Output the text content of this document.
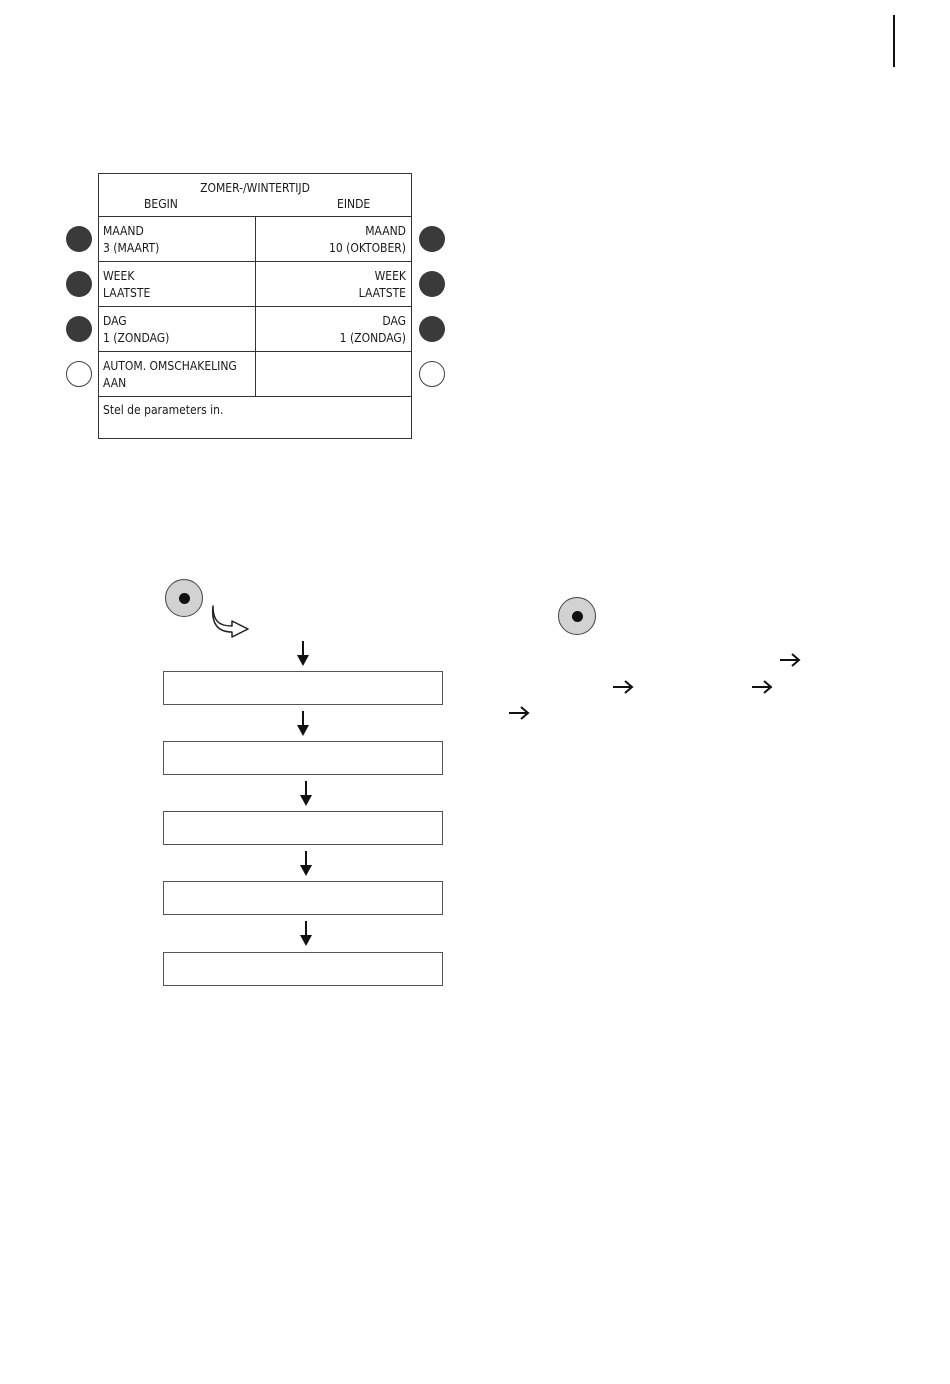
ZOMER-/WINTERTIJD
BEGIN	EINDE
MAAND
3 (MAART)
MAAND
10 (OKTOBER)
WEEK
LAATSTE
WEEK
LAATSTE
DAG
1 (ZONDAG)
DAG
1 (ZONDAG)
AUTOM. OMSCHAKELING
AAN
Stel de parameters in.
